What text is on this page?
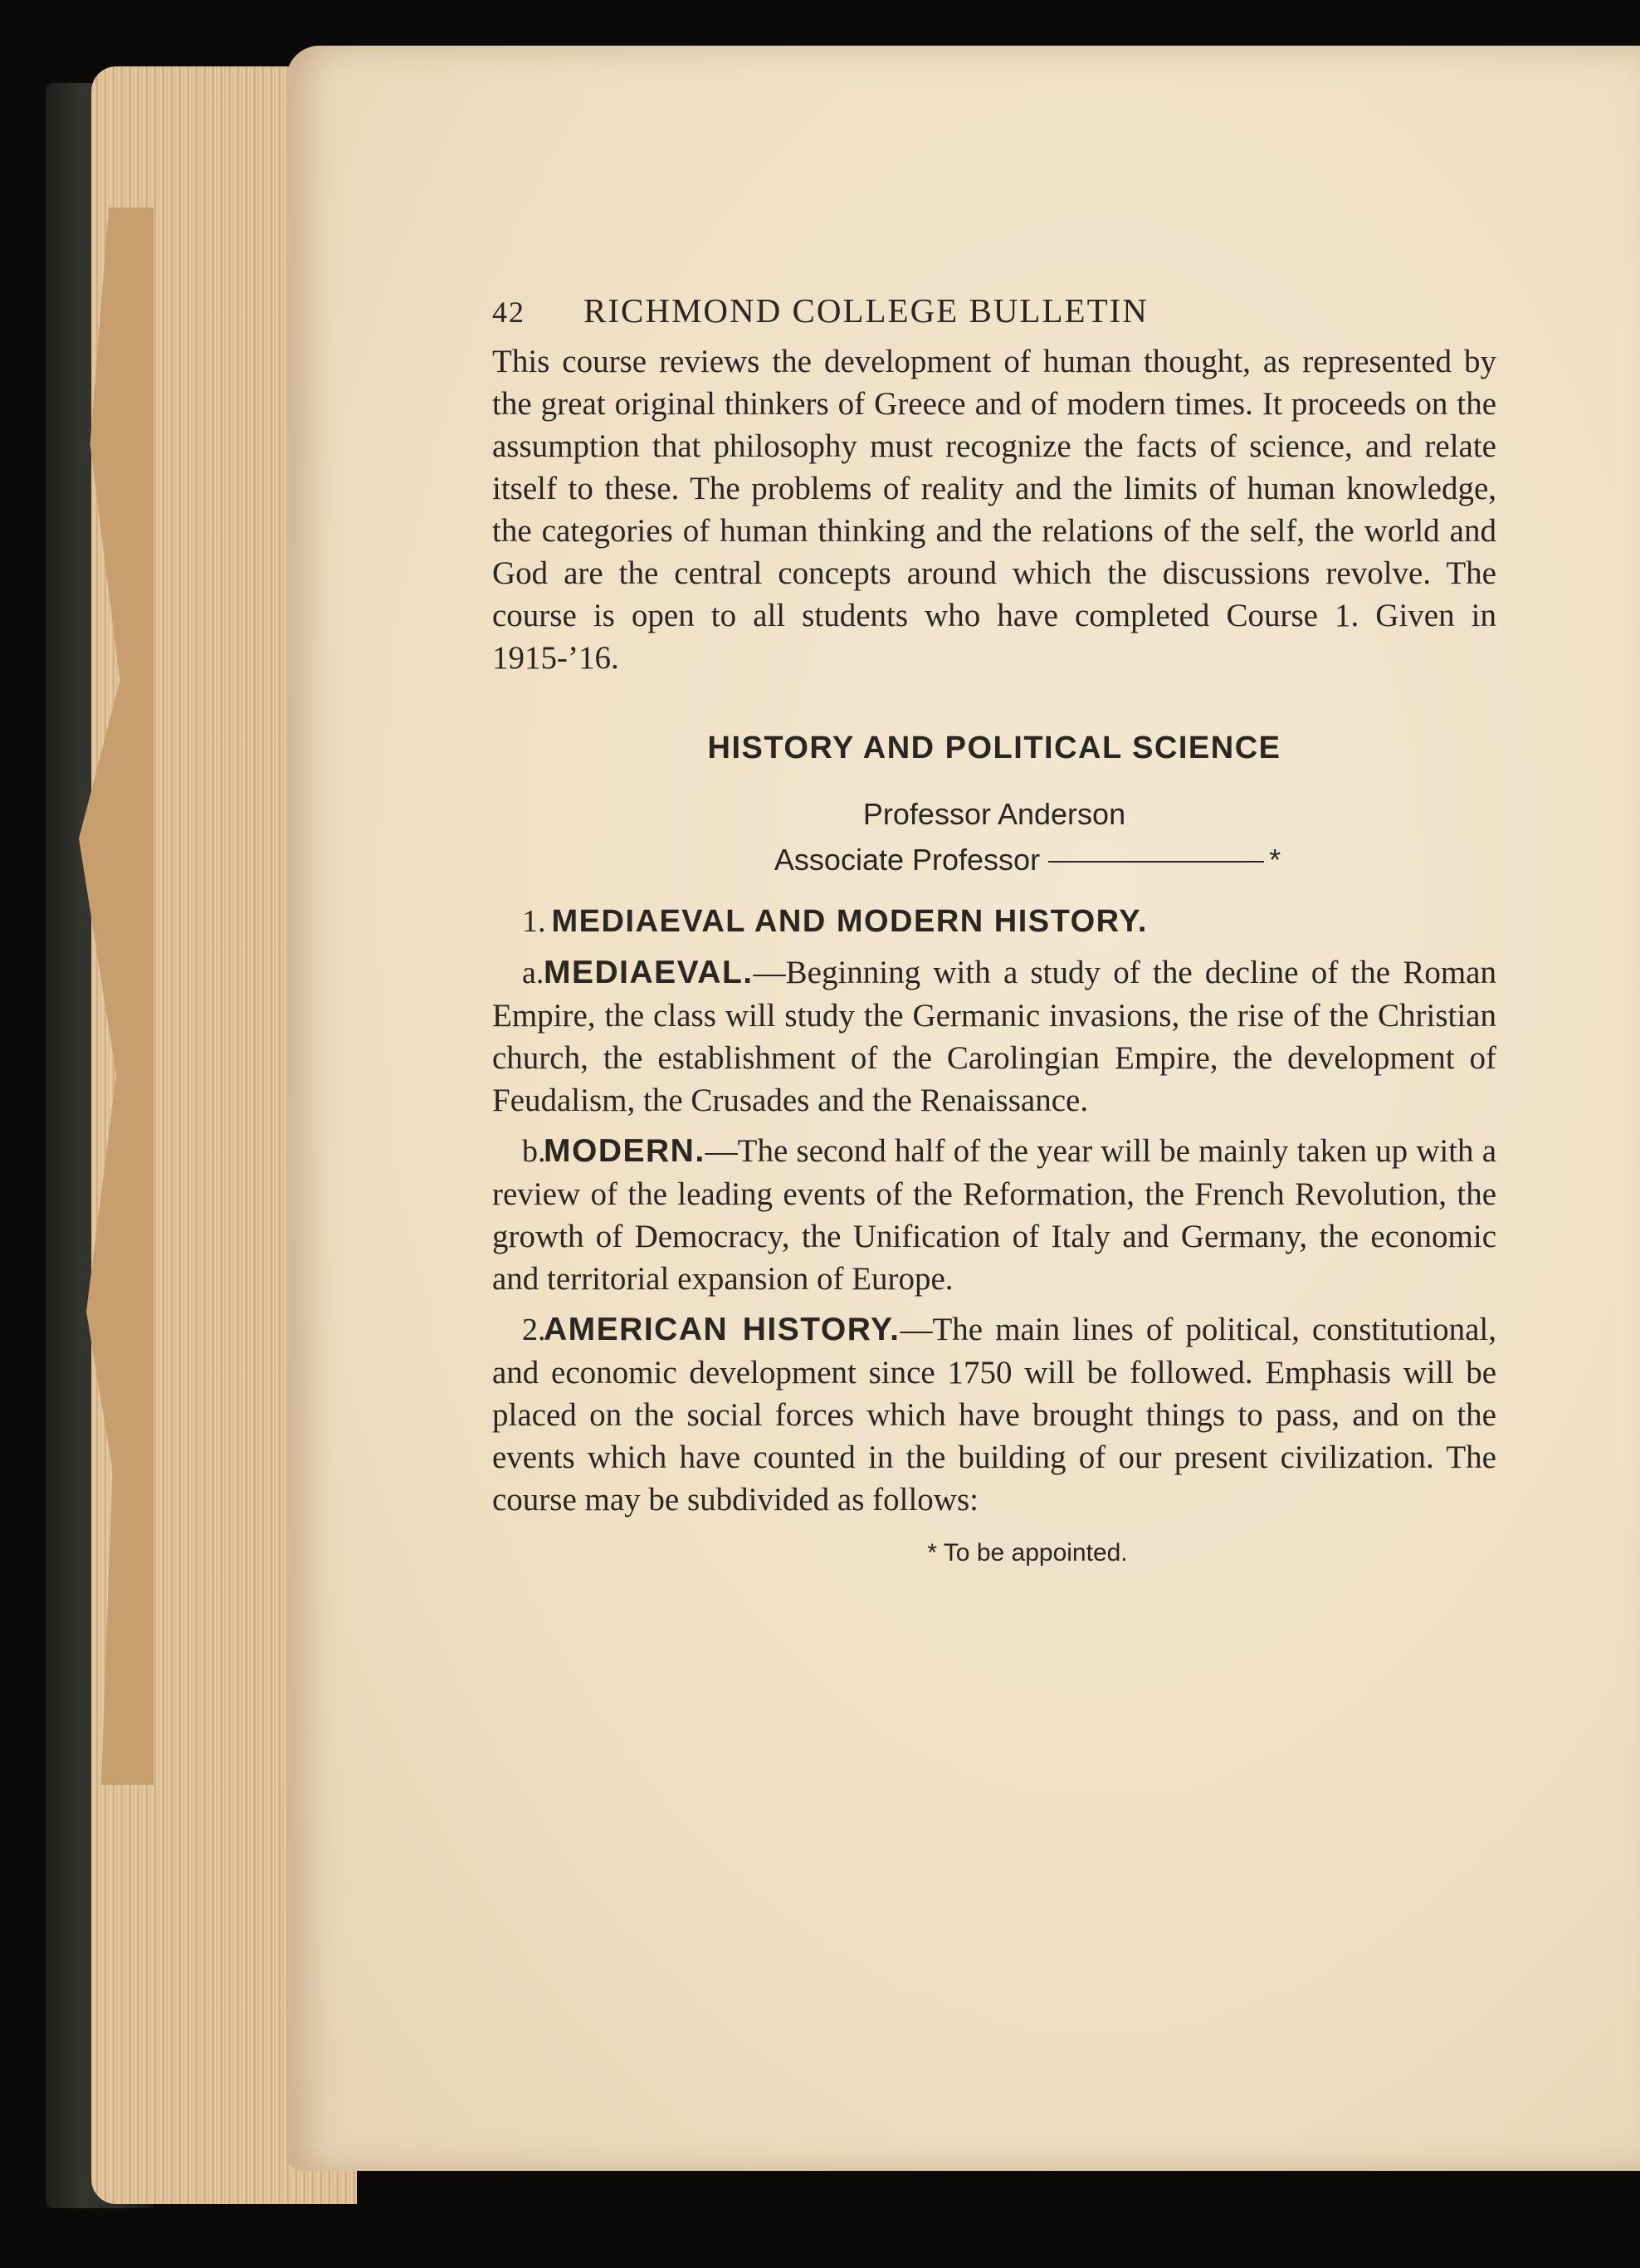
42	RICHMOND COLLEGE BULLETIN

This course reviews the development of human thought, as represented by the great original thinkers of Greece and of modern times. It proceeds on the assumption that philosophy must recognize the facts of science, and relate itself to these. The problems of reality and the limits of human knowledge, the categories of human thinking and the relations of the self, the world and God are the central concepts around which the discussions revolve. The course is open to all students who have completed Course 1. Given in 1915-’16.

HISTORY AND POLITICAL SCIENCE

Professor Anderson

Associate Professor	*

1. MEDIAEVAL AND MODERN HISTORY.

a.MEDIAEVAL.—Beginning with a study of the decline of the Roman Empire, the class will study the Germanic invasions, the rise of the Christian church, the establishment of the Carolingian Empire, the development of Feudalism, the Crusades and the Renaissance.

b.MODERN.—The second half of the year will be mainly taken up with a review of the leading events of the Reformation, the French Revolution, the growth of Democracy, the Unification of Italy and Germany, the economic and territorial expansion of Europe.

2.AMERICAN HISTORY.—The main lines of political, constitutional, and economic development since 1750 will be followed. Emphasis will be placed on the social forces which have brought things to pass, and on the events which have counted in the building of our present civilization. The course may be subdivided as follows:

* To be appointed.
